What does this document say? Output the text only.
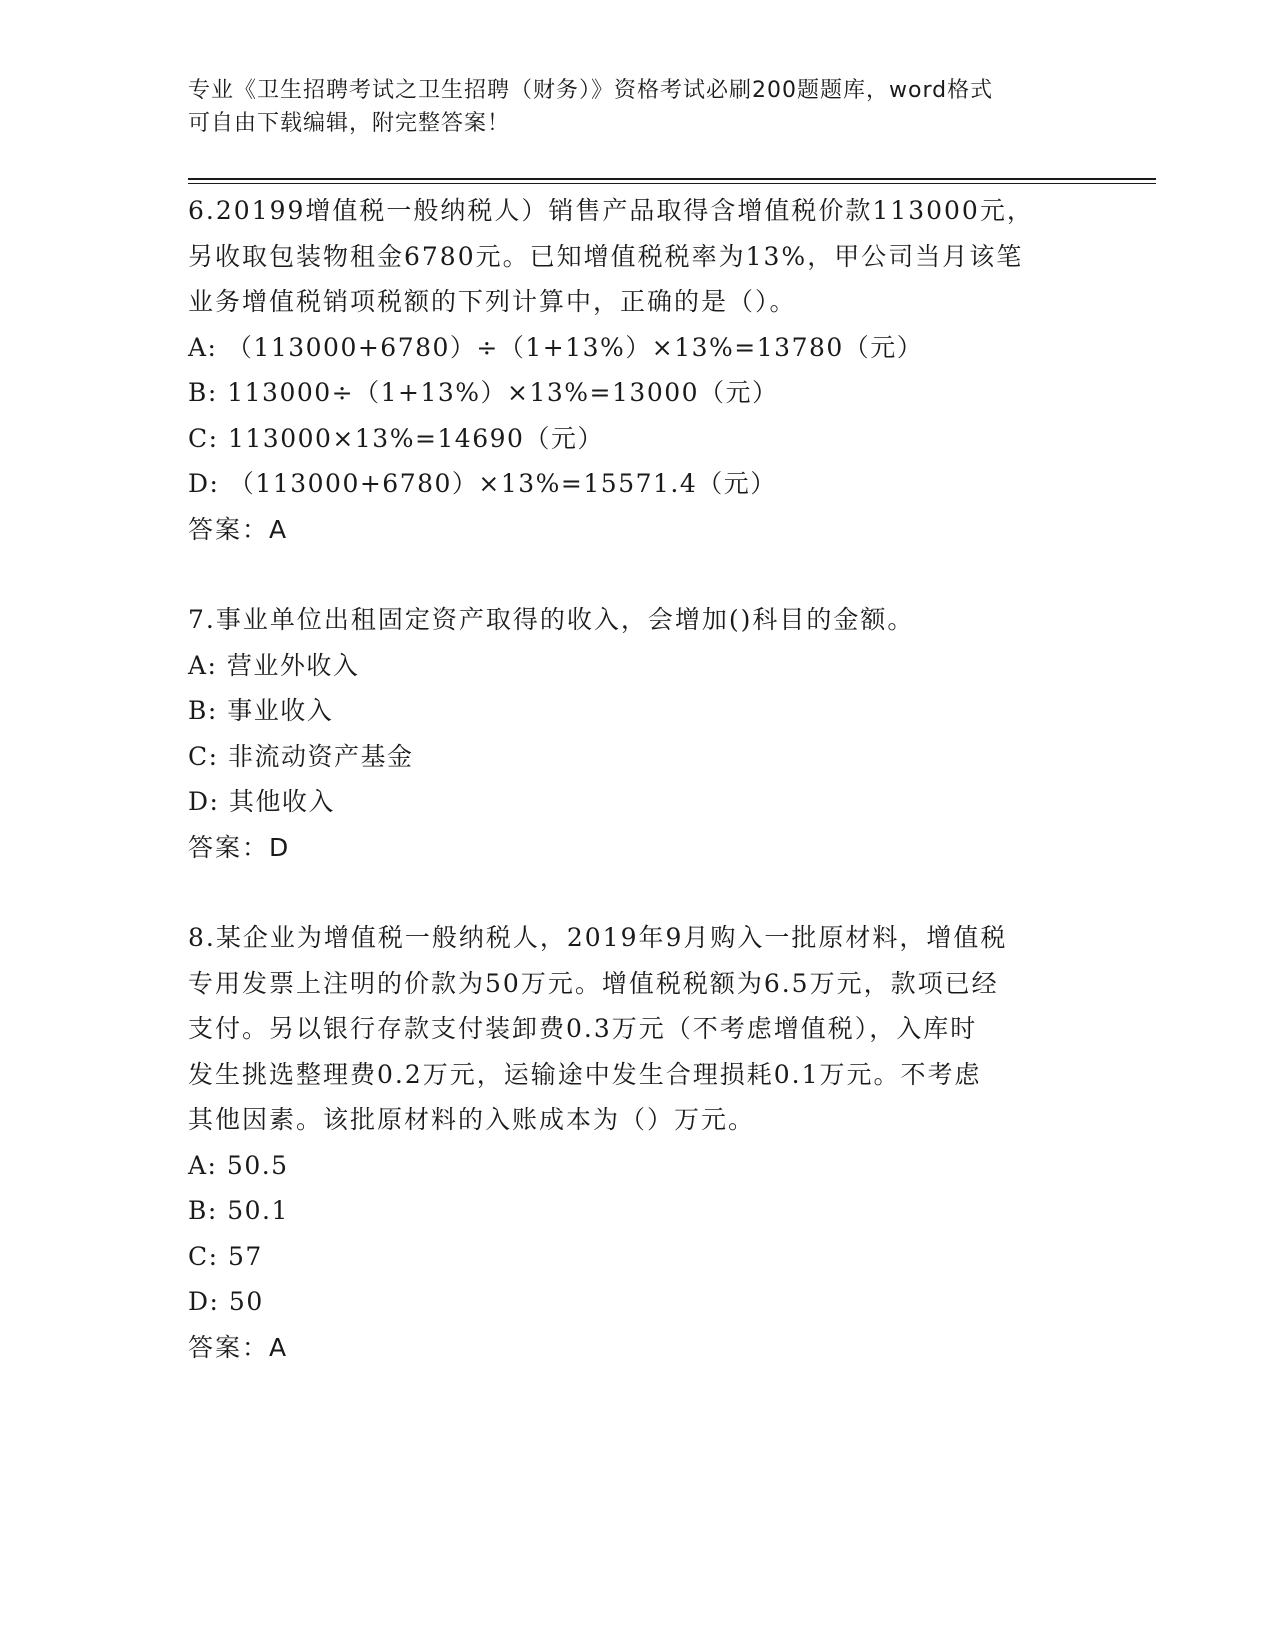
专业《卫生招聘考试之卫生招聘（财务）》资格考试必刷200题题库，word格式
可自由下载编辑，附完整答案！
6.20199增值税一般纳税人）销售产品取得含增值税价款113000元，
另收取包装物租金6780元。已知增值税税率为13%，甲公司当月该笔
业务增值税销项税额的下列计算中，正确的是（）。
A: （113000+6780）÷（1+13%）×13%=13780（元）
B: 113000÷（1+13%）×13%=13000（元）
C: 113000×13%=14690（元）
D: （113000+6780）×13%=15571.4（元）
答案：A
7.事业单位出租固定资产取得的收入，会增加()科目的金额。
A: 营业外收入
B: 事业收入
C: 非流动资产基金
D: 其他收入
答案：D
8.某企业为增值税一般纳税人，2019年9月购入一批原材料，增值税
专用发票上注明的价款为50万元。增值税税额为6.5万元，款项已经
支付。另以银行存款支付装卸费0.3万元（不考虑增值税），入库时
发生挑选整理费0.2万元，运输途中发生合理损耗0.1万元。不考虑
其他因素。该批原材料的入账成本为（）万元。
A: 50.5
B: 50.1
C: 57
D: 50
答案：A
